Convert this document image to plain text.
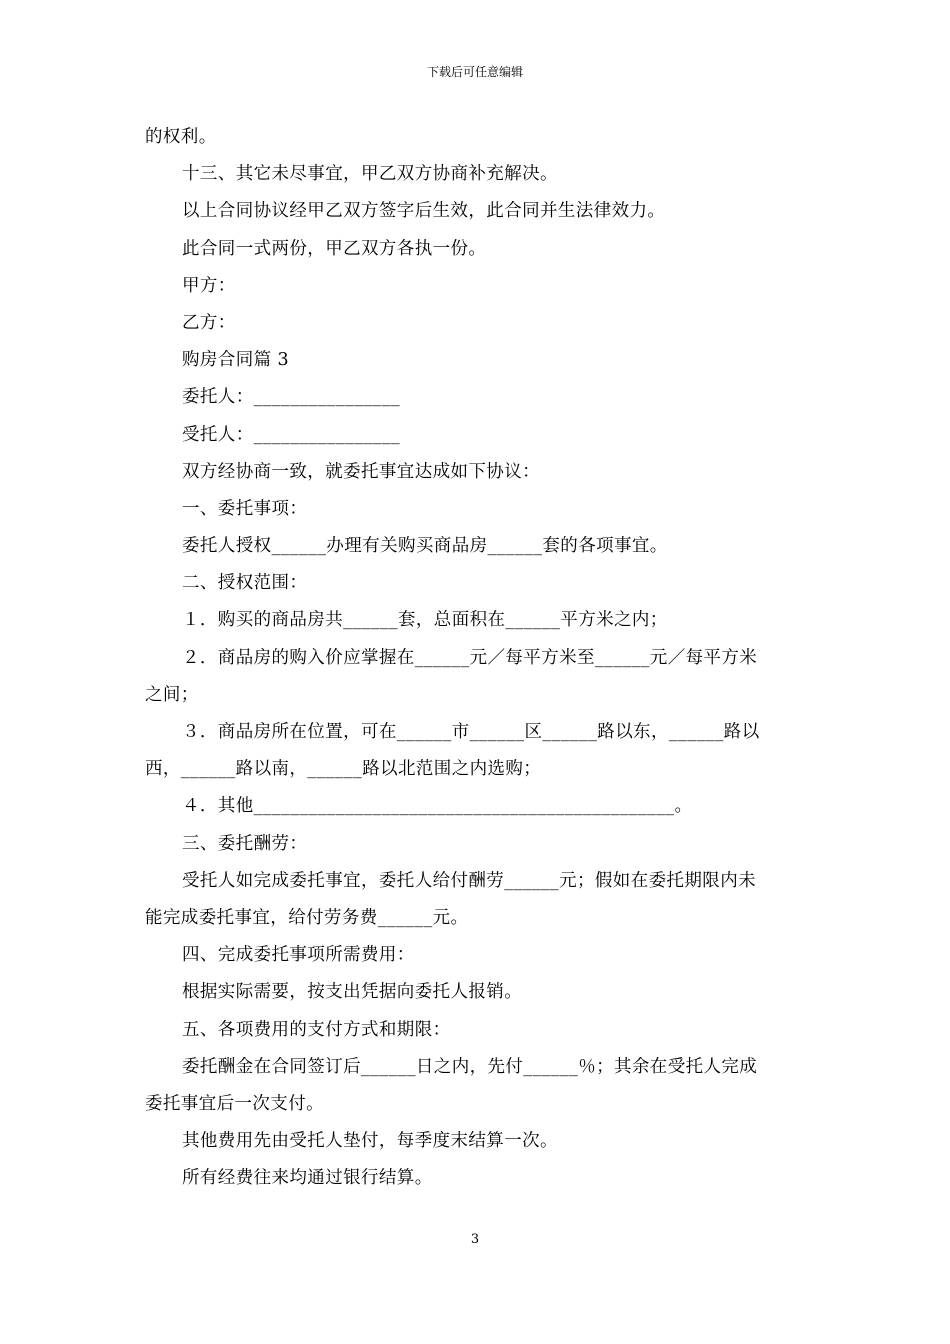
下载后可任意编辑

的权利。

十三、其它未尽事宜，甲乙双方协商补充解决。

以上合同协议经甲乙双方签字后生效，此合同并生法律效力。

此合同一式两份，甲乙双方各执一份。

甲方：

乙方：

购房合同篇 3

委托人：________________

受托人：________________

双方经协商一致，就委托事宜达成如下协议：

一、委托事项：

委托人授权______办理有关购买商品房______套的各项事宜。

二、授权范围：

１．购买的商品房共______套，总面积在______平方米之内；

２．商品房的购入价应掌握在______元／每平方米至______元／每平方米

之间；

３．商品房所在位置，可在______市______区______路以东，______路以

西，______路以南，______路以北范围之内选购；

４．其他______________________________________________。

三、委托酬劳：

受托人如完成委托事宜，委托人给付酬劳______元；假如在委托期限内未

能完成委托事宜，给付劳务费______元。

四、完成委托事项所需费用：

根据实际需要，按支出凭据向委托人报销。

五、各项费用的支付方式和期限：

委托酬金在合同签订后______日之内，先付______％；其余在受托人完成

委托事宜后一次支付。

其他费用先由受托人垫付，每季度末结算一次。

所有经费往来均通过银行结算。

3
